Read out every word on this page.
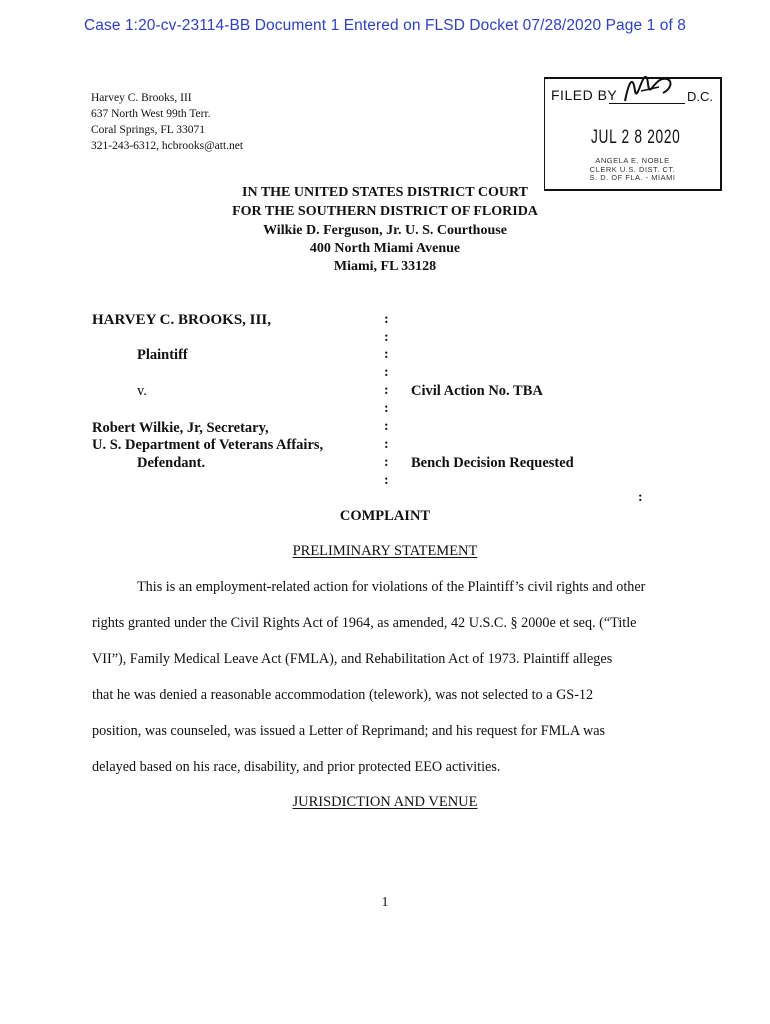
Case 1:20-cv-23114-BB Document 1 Entered on FLSD Docket 07/28/2020 Page 1 of 8
Harvey C. Brooks, III
637 North West 99th Terr.
Coral Springs, FL 33071
321-243-6312, hcbrooks@att.net
FILED BY	D.C.
JUL 2 8 2020
ANGELA E. NOBLE
CLERK U.S. DIST. CT.
S. D. OF FLA. - MIAMI
IN THE UNITED STATES DISTRICT COURT
FOR THE SOUTHERN DISTRICT OF FLORIDA
Wilkie D. Ferguson, Jr. U. S. Courthouse
400 North Miami Avenue
Miami, FL 33128
HARVEY C. BROOKS, III,
Plaintiff
v.
Robert Wilkie, Jr, Secretary,
U. S. Department of Veterans Affairs,
Defendant.
:
:
:
:
:
:
:
:
:
:
:
Civil Action No. TBA
Bench Decision Requested
COMPLAINT
PRELIMINARY STATEMENT
This is an employment-related action for violations of the Plaintiff’s civil rights and other
rights granted under the Civil Rights Act of 1964, as amended, 42 U.S.C. § 2000e et seq. (“Title
VII”), Family Medical Leave Act (FMLA), and Rehabilitation Act of 1973. Plaintiff alleges
that he was denied a reasonable accommodation (telework), was not selected to a GS-12
position, was counseled, was issued a Letter of Reprimand; and his request for FMLA was
delayed based on his race, disability, and prior protected EEO activities.
JURISDICTION AND VENUE
1
